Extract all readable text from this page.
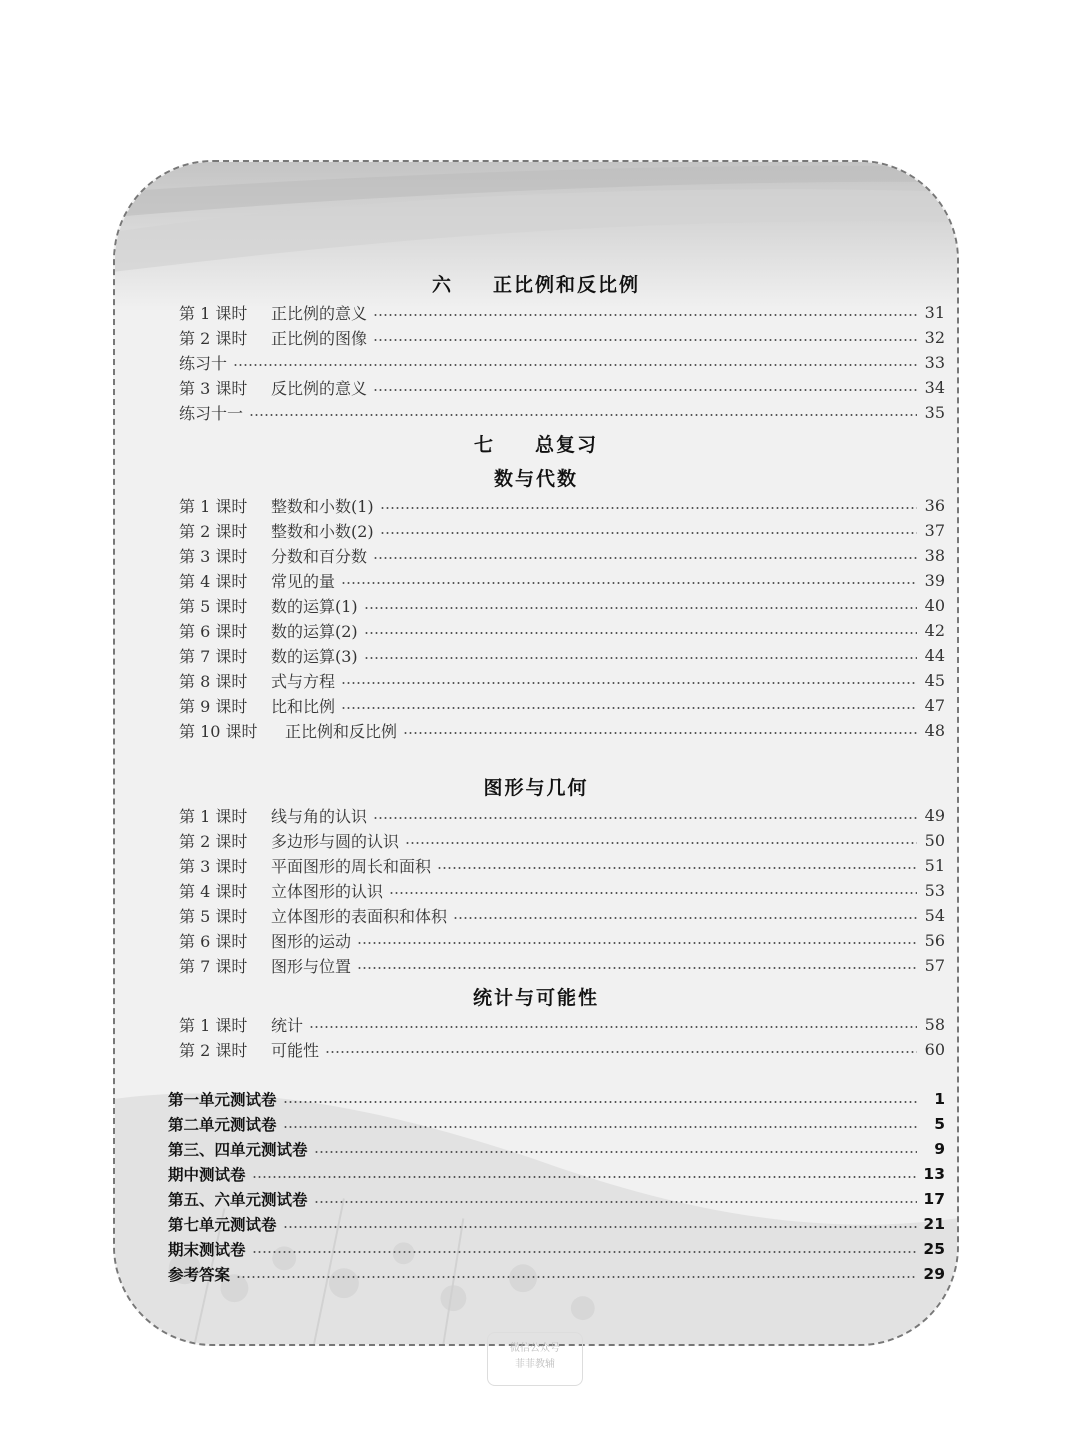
六 正比例和反比例
第 1 课时	正比例的意义	31
第 2 课时	正比例的图像	32
练习十	33
第 3 课时	反比例的意义	34
练习十一	35
七 总复习
数与代数
第 1 课时	整数和小数(1)	36
第 2 课时	整数和小数(2)	37
第 3 课时	分数和百分数	38
第 4 课时	常见的量	39
第 5 课时	数的运算(1)	40
第 6 课时	数的运算(2)	42
第 7 课时	数的运算(3)	44
第 8 课时	式与方程	45
第 9 课时	比和比例	47
第 10 课时	正比例和反比例	48
图形与几何
第 1 课时	线与角的认识	49
第 2 课时	多边形与圆的认识	50
第 3 课时	平面图形的周长和面积	51
第 4 课时	立体图形的认识	53
第 5 课时	立体图形的表面积和体积	54
第 6 课时	图形的运动	56
第 7 课时	图形与位置	57
统计与可能性
第 1 课时	统计	58
第 2 课时	可能性	60
第一单元测试卷	1
第二单元测试卷	5
第三、四单元测试卷	9
期中测试卷	13
第五、六单元测试卷	17
第七单元测试卷	21
期末测试卷	25
参考答案	29
微信公众号
菲菲教辅
